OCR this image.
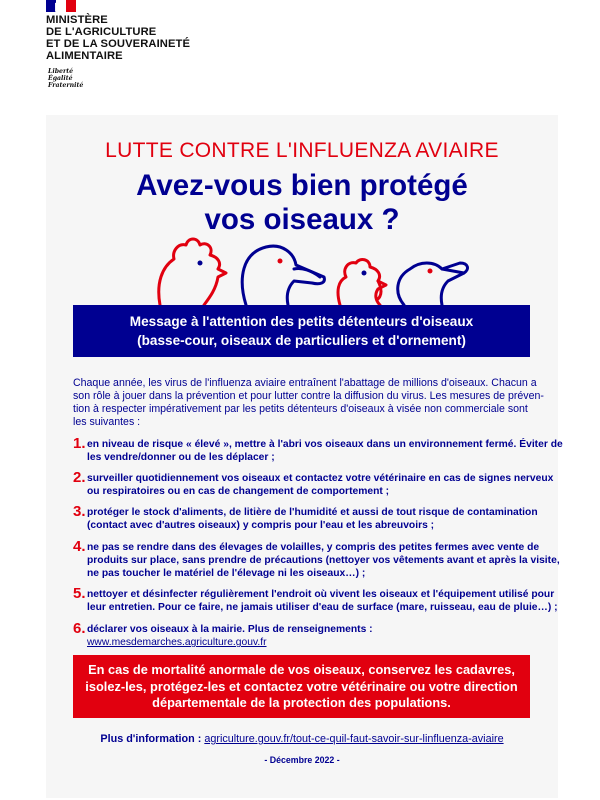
MINISTÈRE
DE L'AGRICULTURE
ET DE LA SOUVERAINETÉ
ALIMENTAIRE
Liberté
Égalité
Fraternité
LUTTE CONTRE L'INFLUENZA AVIAIRE
Avez-vous bien protégé
vos oiseaux ?
Message à l'attention des petits détenteurs d'oiseaux
(basse-cour, oiseaux de particuliers et d'ornement)
Chaque année, les virus de l'influenza aviaire entraînent l'abattage de millions d'oiseaux. Chacun a
son rôle à jouer dans la prévention et pour lutter contre la diffusion du virus. Les mesures de préven-
tion à respecter impérativement par les petits détenteurs d'oiseaux à visée non commerciale sont
les suivantes :
1. en niveau de risque « élevé », mettre à l'abri vos oiseaux dans un environnement fermé. Éviter de
les vendre/donner ou de les déplacer ;
2. surveiller quotidiennement vos oiseaux et contactez votre vétérinaire en cas de signes nerveux
ou respiratoires ou en cas de changement de comportement ;
3. protéger le stock d'aliments, de litière de l'humidité et aussi de tout risque de contamination
(contact avec d'autres oiseaux) y compris pour l'eau et les abreuvoirs ;
4. ne pas se rendre dans des élevages de volailles, y compris des petites fermes avec vente de
produits sur place, sans prendre de précautions (nettoyer vos vêtements avant et après la visite,
ne pas toucher le matériel de l'élevage ni les oiseaux…) ;
5. nettoyer et désinfecter régulièrement l'endroit où vivent les oiseaux et l'équipement utilisé pour
leur entretien. Pour ce faire, ne jamais utiliser d'eau de surface (mare, ruisseau, eau de pluie…) ;
6. déclarer vos oiseaux à la mairie. Plus de renseignements :
www.mesdemarches.agriculture.gouv.fr
En cas de mortalité anormale de vos oiseaux, conservez les cadavres,
isolez-les, protégez-les et contactez votre vétérinaire ou votre direction
départementale de la protection des populations.
Plus d'information : agriculture.gouv.fr/tout-ce-quil-faut-savoir-sur-linfluenza-aviaire
- Décembre 2022 -
